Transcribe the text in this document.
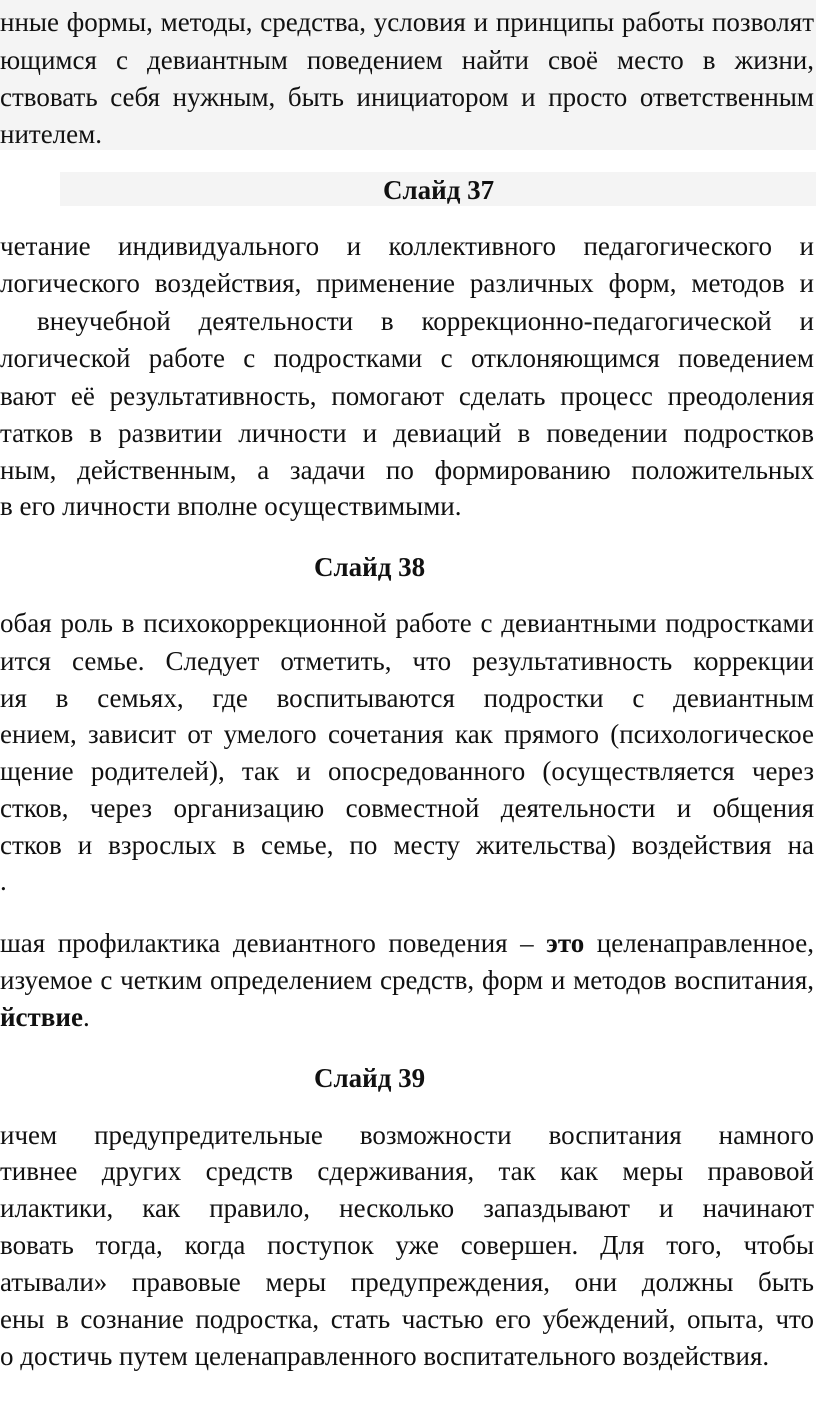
нные формы, методы, средства, условия и принципы работы позволят
ющимся с девиантным поведением найти своё место в жизни,
ствовать себя нужным, быть инициатором и просто ответственным
нителем.
Слайд 37
четание индивидуального и коллективного педагогического и
логического воздействия, применение различных форм, методов и
внеучебной деятельности в коррекционно-педагогической и
логической работе с подростками с отклоняющимся поведением
вают её результативность, помогают сделать процесс преодоления
татков в развитии личности и девиаций в поведении подростков
ным, действенным, а задачи по формированию положительных
в его личности вполне осуществимыми.
Слайд 38
обая роль в психокоррекционной работе с девиантными подростками
ится семье. Следует отметить, что результативность коррекции
ия в семьях, где воспитываются подростки с девиантным
ением, зависит от умелого сочетания как прямого (психологическое
щение родителей), так и опосредованного (осуществляется через
стков, через организацию совместной деятельности и общения
стков и взрослых в семье, по месту жительства) воздействия на
.
шая профилактика девиантного поведения – это целенаправленное,
изуемое с четким определением средств, форм и методов воспитания,
йствие.
Слайд 39
ичем предупредительные возможности воспитания намного
тивнее других средств сдерживания, так как меры правовой
илактики, как правило, несколько запаздывают и начинают
вовать тогда, когда поступок уже совершен. Для того, чтобы
атывали» правовые меры предупреждения, они должны быть
ены в сознание подростка, стать частью его убеждений, опыта, что
о достичь путем целенаправленного воспитательного воздействия.
